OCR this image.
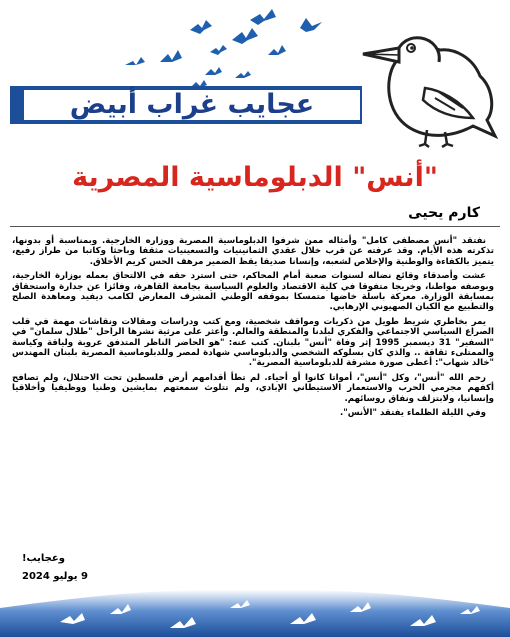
عجايب غراب أبيض
"أنس" الدبلوماسية المصرية
كارم يحيى

نفتقد "أنس مصطفى كامل" وأمثاله ممن شرفوا الدبلوماسية المصرية ووزاره الخارجية. وبمناسبة أو بدونها، تذكرته هذه الأيام. وقد عرفته عن قرب خلال عقدي الثمانينيات والتسعينيات مثقفا وباحثا وكاتبا من طراز رفيع، يتميز بالكفاءة والوطنية والإخلاص لشعبه، وإنسانا صديقا يقظ الضمير مرهف الحس كريم الأخلاق.

عشت وأصدقاء وقائع نضاله لسنوات صعبة أمام المحاكم، حتى استرد حقه في الالتحاق بعمله بوزارة الخارجية، وبوصفه مواطنا، وخريجا متفوقا في كلية الاقتصاد والعلوم السياسية بجامعة القاهرة، وفائزا عن جدارة واستحقاق بمسابقة الوزارة. معركة باسلة خاضها متمسكا بموقفه الوطني المشرف المعارض لكامب ديفيد ومعاهدة الصلح والتطبيع مع الكيان الصهيوني الإرهابي.

يمر بخاطري شريط طويل من ذكريات ومواقف شخصية، ومع كتب ودراسات ومقالات ونقاشات مهمة في قلب الصراع السياسي الاجتماعي والفكري لبلدنا والمنطقة والعالم. وأعثر على مرثية نشرها الراحل "طلال سلمان" في "السفير" 31 ديسمبر 1995 إثر وفاة "أنس" بلبنان. كتب عنه: "هو الحاضر الناظر المتدفق عروبة ولياقة وكياسة والممتلىء ثقافة .. والذي كان بسلوكه الشخصي والدبلوماسي شهادة لمصر وللدبلوماسية المصرية بلبنان المهندس "خالد شهاب": أعطى صورة مشرقة للدبلوماسية المصرية".

رحم الله "أنس"، وكل "أنس"، أمواتا كانوا أو أحياء. لم تطأ أقدامهم أرض فلسطين تحت الاحتلال، ولم تصافح أكفهم مجرمي الحرب والاستعمار الاستيطاني الإبادي، ولم تتلوث سمعتهم بمايشين وطنيا ووظيفيا وأخلاقيا وإنسانيا، ولابتزلف ونفاق روسائهم.

وفي الليلة الظلماء يفتقد "الأنس".

وعجايب!
9 يوليو 2024
